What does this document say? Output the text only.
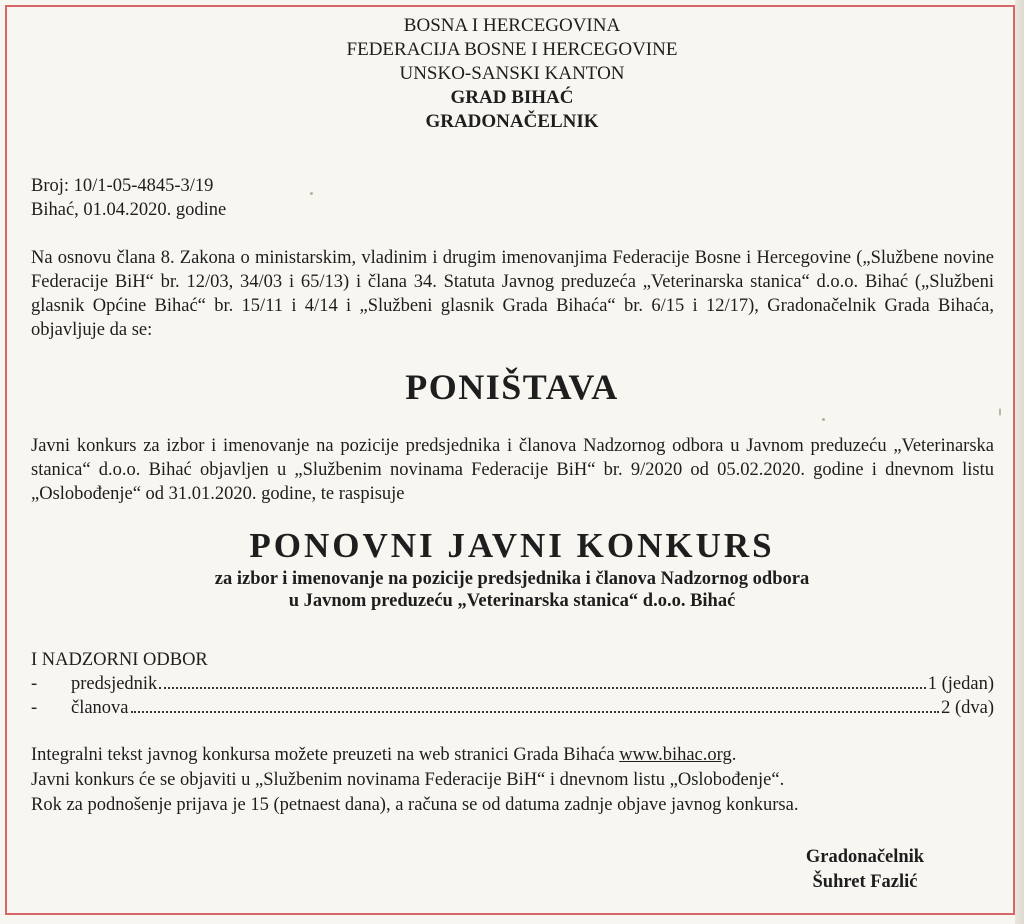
BOSNA I HERCEGOVINA
FEDERACIJA BOSNE I HERCEGOVINE
UNSKO-SANSKI KANTON
GRAD BIHAĆ
GRADONAČELNIK
Broj: 10/1-05-4845-3/19
Bihać, 01.04.2020. godine
Na osnovu člana 8. Zakona o ministarskim, vladinim i drugim imenovanjima Federacije Bosne i Hercegovine („Službene novine Federacije BiH“ br. 12/03, 34/03 i 65/13) i člana 34. Statuta Javnog preduzeća „Veterinarska stanica“ d.o.o. Bihać („Službeni glasnik Općine Bihać“ br. 15/11 i 4/14 i „Službeni glasnik Grada Bihaća“ br. 6/15 i 12/17), Gradonačelnik Grada Bihaća, objavljuje da se:
PONIŠTAVA
Javni konkurs za izbor i imenovanje na pozicije predsjednika i članova Nadzornog odbora u Javnom preduzeću „Veterinarska stanica“ d.o.o. Bihać objavljen u „Službenim novinama Federacije BiH“ br. 9/2020 od 05.02.2020. godine i dnevnom listu „Oslobođenje“ od 31.01.2020. godine, te raspisuje
PONOVNI JAVNI KONKURS
za izbor i imenovanje na pozicije predsjednika i članova Nadzornog odbora
u Javnom preduzeću „Veterinarska stanica“ d.o.o. Bihać
I NADZORNI ODBOR
-	predsjednik	1 (jedan)
-	članova	2 (dva)
Integralni tekst javnog konkursa možete preuzeti na web stranici Grada Bihaća www.bihac.org.
Javni konkurs će se objaviti u „Službenim novinama Federacije BiH“ i dnevnom listu „Oslobođenje“.
Rok za podnošenje prijava je 15 (petnaest dana), a računa se od datuma zadnje objave javnog konkursa.
Gradonačelnik
Šuhret Fazlić
